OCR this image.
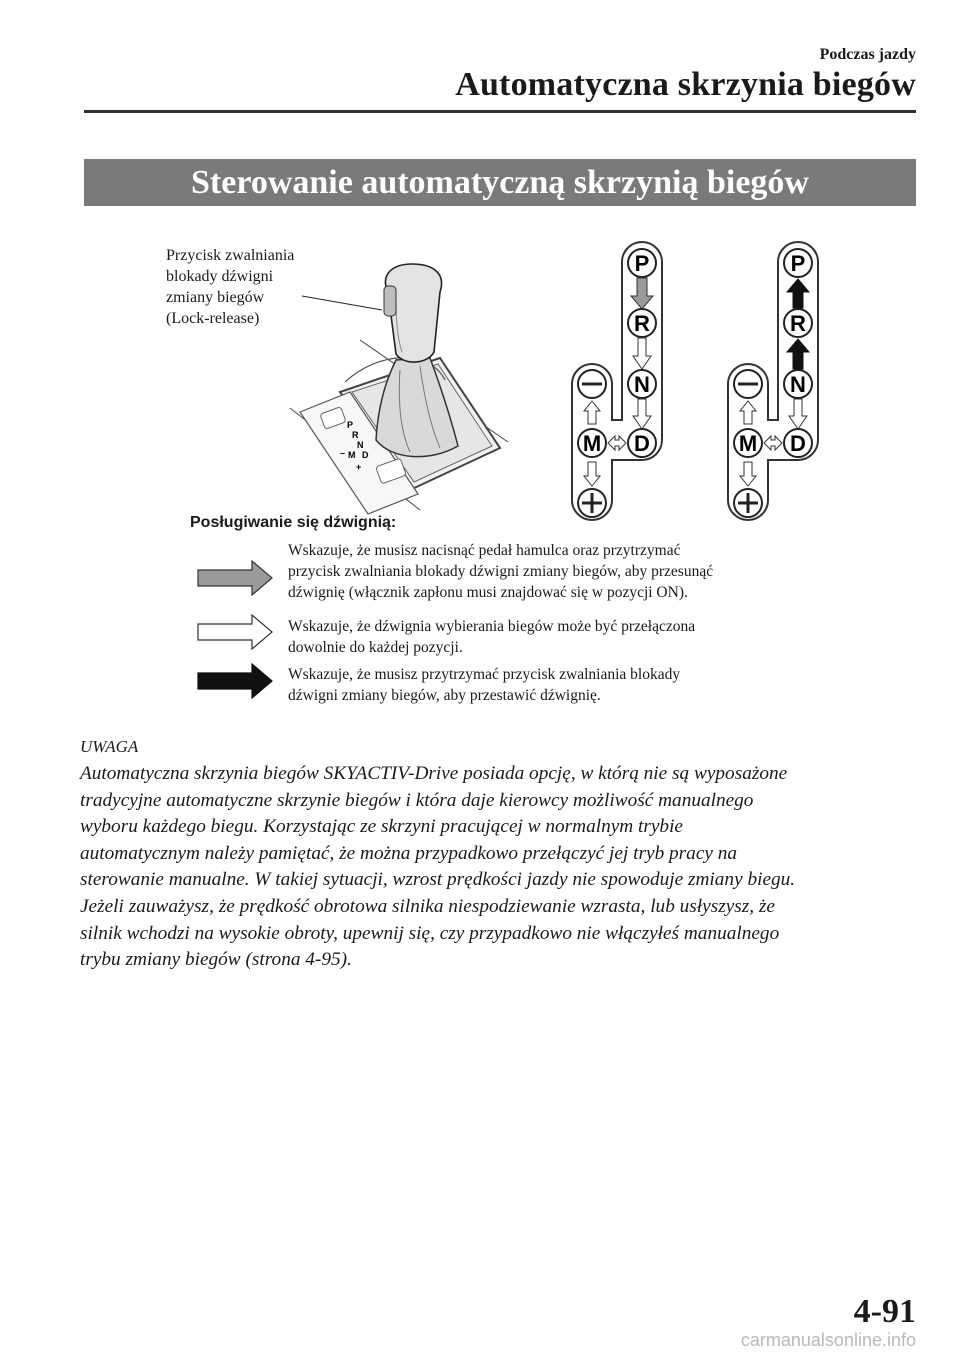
Podczas jazdy
Automatyczna skrzynia biegów
Sterowanie automatyczną skrzynią biegów
Przycisk zwalniania
blokady dźwigni
zmiany biegów
(Lock-release)
P
R
N
M D
–
+
P
R
N
D
M
P
R
N
D
M
Posługiwanie się dźwignią:
Wskazuje, że musisz nacisnąć pedał hamulca oraz przytrzymać
przycisk zwalniania blokady dźwigni zmiany biegów, aby przesunąć
dźwignię (włącznik zapłonu musi znajdować się w pozycji ON).
Wskazuje, że dźwignia wybierania biegów może być przełączona
dowolnie do każdej pozycji.
Wskazuje, że musisz przytrzymać przycisk zwalniania blokady
dźwigni zmiany biegów, aby przestawić dźwignię.
UWAGA
Automatyczna skrzynia biegów SKYACTIV-Drive posiada opcję, w którą nie są wyposażone
tradycyjne automatyczne skrzynie biegów i która daje kierowcy możliwość manualnego
wyboru każdego biegu. Korzystając ze skrzyni pracującej w normalnym trybie
automatycznym należy pamiętać, że można przypadkowo przełączyć jej tryb pracy na
sterowanie manualne. W takiej sytuacji, wzrost prędkości jazdy nie spowoduje zmiany biegu.
Jeżeli zauważysz, że prędkość obrotowa silnika niespodziewanie wzrasta, lub usłyszysz, że
silnik wchodzi na wysokie obroty, upewnij się, czy przypadkowo nie włączyłeś manualnego
trybu zmiany biegów (strona 4-95).
4-91
carmanualsonline.info
